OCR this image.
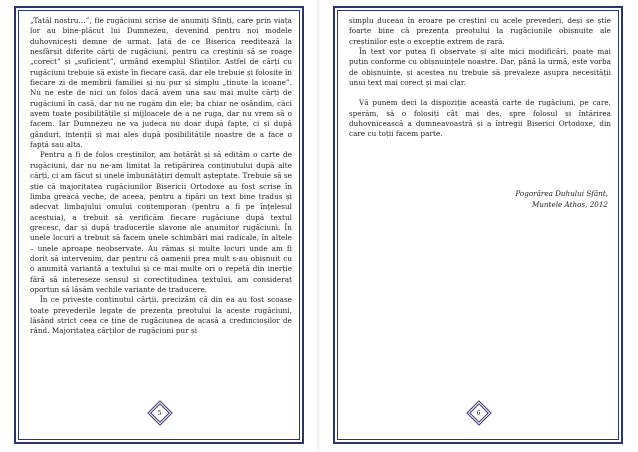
„Tatăl nostru…”, fie rugăciuni scrise de anumiți Sfinți, care prin viața lor au bine-plăcut lui Dumnezeu, devenind pentru noi modele duhovnicești demne de urmat. Iată de ce Biserica reeditează la nesfârșit diferite cărți de rugăciuni, pentru ca creștinii să se roage „corect” și „suficient”, urmând exemplul Sfinților. Astfel de cărți cu rugăciuni trebuie să existe în fiecare casă, dar ele trebuie și folosite în fiecare zi de membrii familiei și nu pur și simplu „ținute la icoane”. Nu ne este de nici un folos dacă avem una sau mai multe cărți de rugăciuni în casă, dar nu ne rugăm din ele; ba chiar ne osândim, căci avem toate posibilitățile și mijloacele de a ne ruga, dar nu vrem să o facem. Iar Dumnezeu ne va judeca nu doar după fapte, ci și după gânduri, intenții și mai ales după posibilitățile noastre de a face o faptă sau alta.

Pentru a fi de folos creștinilor, am hotărât și să edităm o carte de rugăciuni, dar nu ne-am limitat la retipărirea conținutului după alte cărți, ci am făcut și unele îmbunătățiri demult așteptate. Trebuie să se știe că majoritatea rugăciunilor Bisericii Ortodoxe au fost scrise în limba greacă veche, de aceea, pentru a tipări un text bine tradus și adecvat limbajului omului contemporan (pentru a fi pe înțelesul acestuia), a trebuit să verificăm fiecare rugăciune după textul grecesc, dar și după traducerile slavone ale anumitor rugăciuni. În unele locuri a trebuit să facem unele schimbări mai radicale, în altele – unele aproape neobservate. Au rămas și multe locuri unde am fi dorit să intervenim, dar pentru că oamenii prea mult s-au obișnuit cu o anumită variantă a textului și ce mai multe ori o repetă din inerție fără să intereseze sensul și corectitudinea textului, am considerat oportun să lăsăm vechile variante de traducere.

În ce privește conținutul cărții, precizăm că din ea au fost scoase toate prevederile legate de prezența preotului la aceste rugăciuni, lăsând strict ceea ce ține de rugăciunea de acasă a credincioșilor de rând. Majoritatea cărților de rugăciuni pur și

5

simplu duceau în eroare pe creștini cu acele prevederi, deși se știe foarte bine că prezența preotului la rugăciunile obișnuite ale creștinilor este o excepție extrem de rară.

În text vor putea fi observate și alte mici modificări, poate mai puțin conforme cu obișnuințele noastre. Dar, până la urmă, este vorba de obișnuințe, și acestea nu trebuie să prevaleze asupra necesității unui text mai corect și mai clar.

Vă punem deci la dispoziție această carte de rugăciuni, pe care, sperăm, să o folosiți cât mai des, spre folosul și întărirea duhovnicească a dumneavoastră și a întregii Biserici Ortodoxe, din care cu toții facem parte.

Pogorârea Duhului Sfânt,
Muntele Athos, 2012
6
